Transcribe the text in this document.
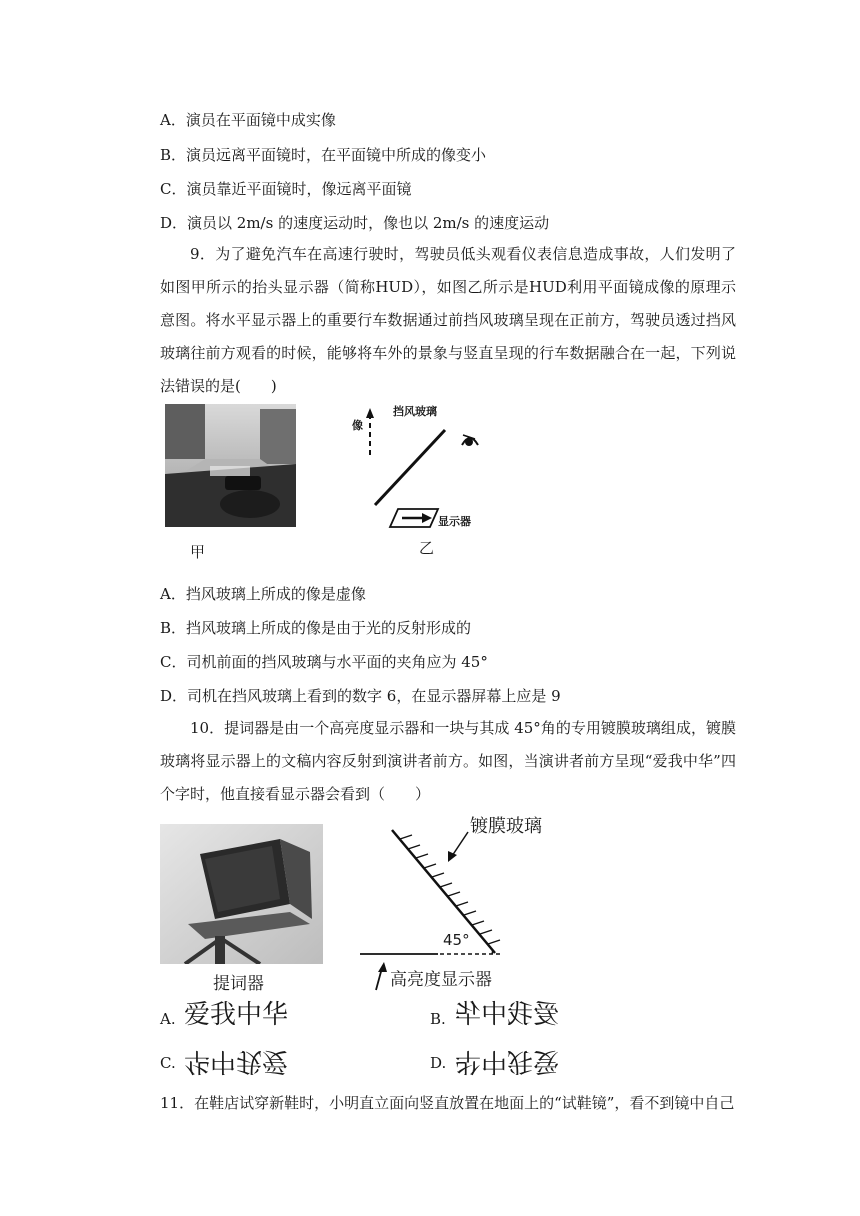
A．演员在平面镜中成实像
B．演员远离平面镜时，在平面镜中所成的像变小
C．演员靠近平面镜时，像远离平面镜
D．演员以 2m/s 的速度运动时，像也以 2m/s 的速度运动
9．为了避免汽车在高速行驶时，驾驶员低头观看仪表信息造成事故，人们发明了如图甲所示的抬头显示器（简称HUD），如图乙所示是HUD利用平面镜成像的原理示意图。将水平显示器上的重要行车数据通过前挡风玻璃呈现在正前方，驾驶员透过挡风玻璃往前方观看的时候，能够将车外的景象与竖直呈现的行车数据融合在一起，下列说法错误的是(　　)
甲
挡风玻璃
像
显示器
乙
A．挡风玻璃上所成的像是虚像
B．挡风玻璃上所成的像是由于光的反射形成的
C．司机前面的挡风玻璃与水平面的夹角应为 45°
D．司机在挡风玻璃上看到的数字 6，在显示器屏幕上应是 9
10．提词器是由一个高亮度显示器和一块与其成 45°角的专用镀膜玻璃组成，镀膜玻璃将显示器上的文稿内容反射到演讲者前方。如图，当演讲者前方呈现“爱我中华”四个字时，他直接看显示器会看到（　　）
提词器
镀膜玻璃
45°
高亮度显示器
A. 爱我中华	B. 爱我中华
C. 华中我爱	D. 爱我中华
11．在鞋店试穿新鞋时，小明直立面向竖直放置在地面上的“试鞋镜”，看不到镜中自己
